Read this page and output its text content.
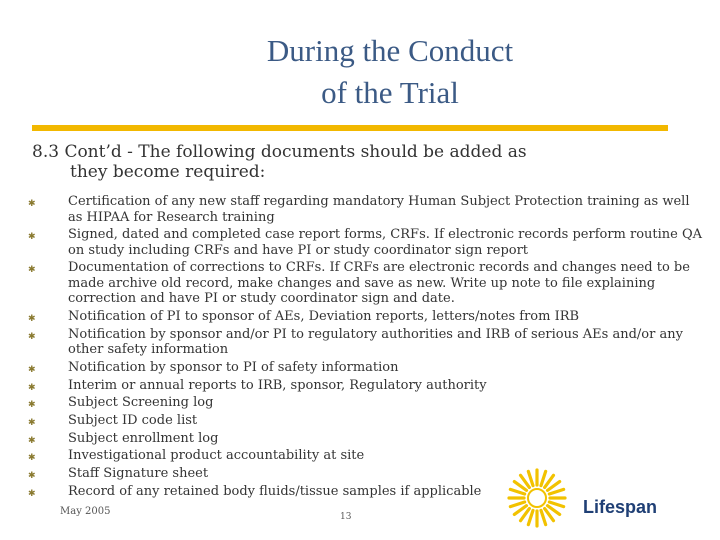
During the Conduct
of the Trial
8.3 Cont’d - The following documents should be added as
they become required:
✱ Certification of any new staff regarding mandatory Human Subject Protection training as well as HIPAA for Research training
✱ Signed, dated and completed case report forms, CRFs. If electronic records perform routine QA on study including CRFs and have PI or study coordinator sign report
✱ Documentation of corrections to CRFs. If CRFs are electronic records and changes need to be made archive old record, make changes and save as new. Write up note to file explaining correction and have PI or study coordinator sign and date.
✱ Notification of PI to sponsor of AEs, Deviation reports, letters/notes from IRB
✱ Notification by sponsor and/or PI to regulatory authorities and IRB of serious AEs and/or any other safety information
✱ Notification by sponsor to PI of safety information
✱ Interim or annual reports to IRB, sponsor, Regulatory authority
✱ Subject Screening log
✱ Subject ID code list
✱ Subject enrollment log
✱ Investigational product accountability at site
✱ Staff Signature sheet
✱ Record of any retained body fluids/tissue samples if applicable
May 2005	13	Lifespan
